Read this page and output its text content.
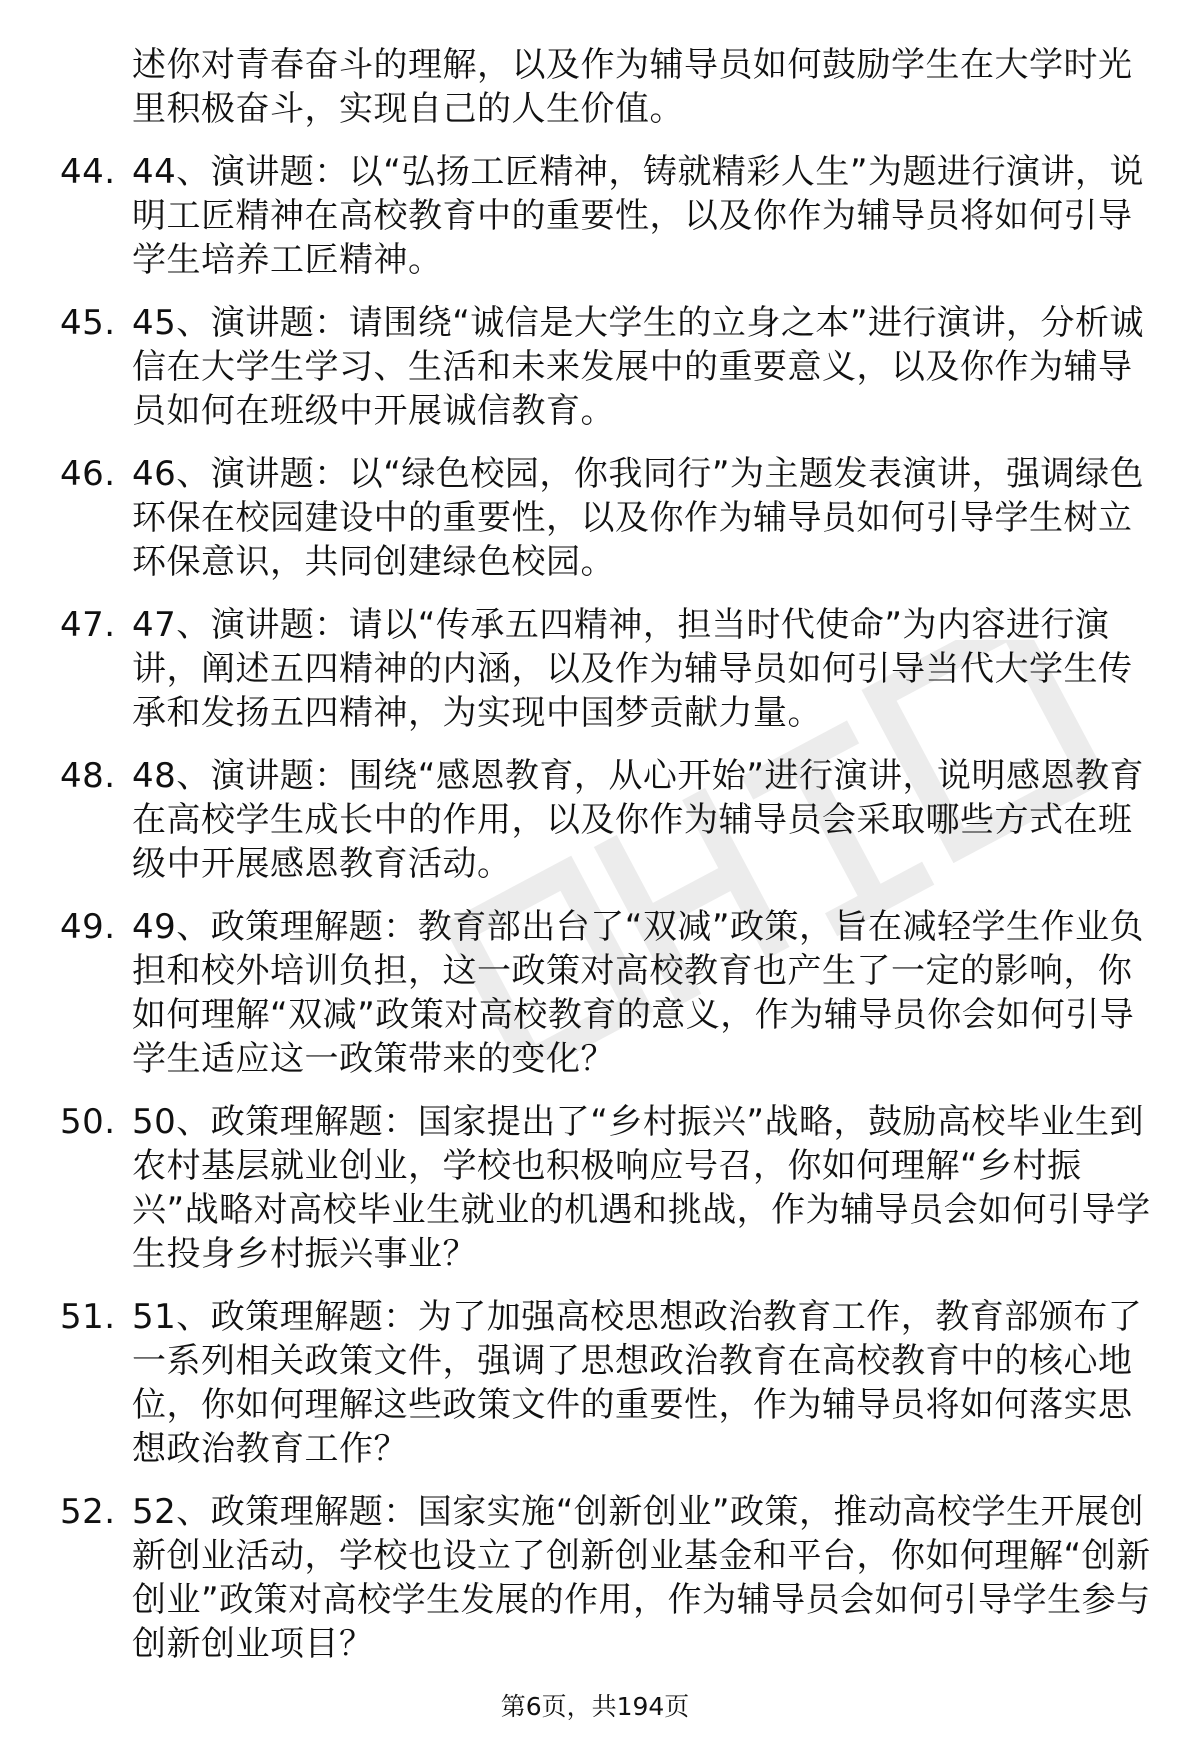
述你对青春奋斗的理解，以及作为辅导员如何鼓励学生在大学时光里积极奋斗，实现自己的人生价值。
44. 44、演讲题：以“弘扬工匠精神，铸就精彩人生”为题进行演讲，说明工匠精神在高校教育中的重要性，以及你作为辅导员将如何引导学生培养工匠精神。
45. 45、演讲题：请围绕“诚信是大学生的立身之本”进行演讲，分析诚信在大学生学习、生活和未来发展中的重要意义，以及你作为辅导员如何在班级中开展诚信教育。
46. 46、演讲题：以“绿色校园，你我同行”为主题发表演讲，强调绿色环保在校园建设中的重要性，以及你作为辅导员如何引导学生树立环保意识，共同创建绿色校园。
47. 47、演讲题：请以“传承五四精神，担当时代使命”为内容进行演讲，阐述五四精神的内涵，以及作为辅导员如何引导当代大学生传承和发扬五四精神，为实现中国梦贡献力量。
48. 48、演讲题：围绕“感恩教育，从心开始”进行演讲，说明感恩教育在高校学生成长中的作用，以及你作为辅导员会采取哪些方式在班级中开展感恩教育活动。
49. 49、政策理解题：教育部出台了“双减”政策，旨在减轻学生作业负担和校外培训负担，这一政策对高校教育也产生了一定的影响，你如何理解“双减”政策对高校教育的意义，作为辅导员你会如何引导学生适应这一政策带来的变化？
50. 50、政策理解题：国家提出了“乡村振兴”战略，鼓励高校毕业生到农村基层就业创业，学校也积极响应号召，你如何理解“乡村振兴”战略对高校毕业生就业的机遇和挑战，作为辅导员会如何引导学生投身乡村振兴事业？
51. 51、政策理解题：为了加强高校思想政治教育工作，教育部颁布了一系列相关政策文件，强调了思想政治教育在高校教育中的核心地位，你如何理解这些政策文件的重要性，作为辅导员将如何落实思想政治教育工作？
52. 52、政策理解题：国家实施“创新创业”政策，推动高校学生开展创新创业活动，学校也设立了创新创业基金和平台，你如何理解“创新创业”政策对高校学生发展的作用，作为辅导员会如何引导学生参与创新创业项目？
第6页，共194页
